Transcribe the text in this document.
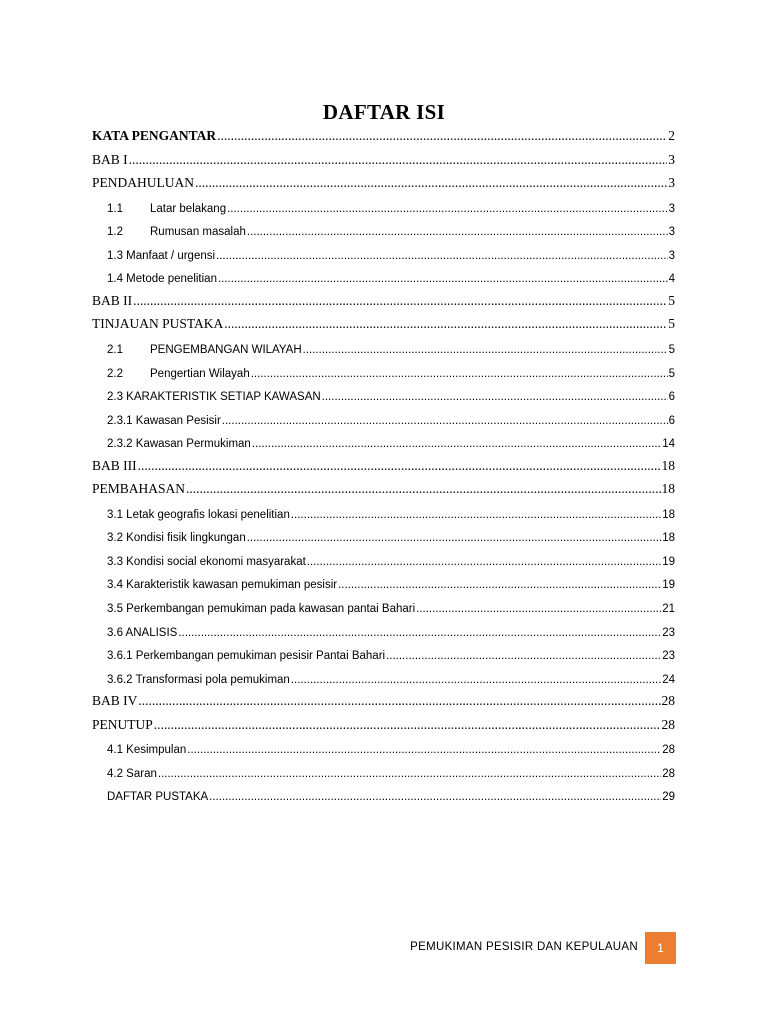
DAFTAR ISI
KATA PENGANTAR .....	2
BAB I .....	3
PENDAHULUAN .....	3
1.1 Latar belakang .....	3
1.2 Rumusan masalah .....	3
1.3 Manfaat / urgensi .....	3
1.4 Metode penelitian .....	4
BAB II .....	5
TINJAUAN PUSTAKA .....	5
2.1 PENGEMBANGAN WILAYAH .....	5
2.2 Pengertian Wilayah .....	5
2.3 KARAKTERISTIK SETIAP KAWASAN .....	6
2.3.1 Kawasan Pesisir .....	6
2.3.2 Kawasan Permukiman .....	14
BAB III .....	18
PEMBAHASAN .....	18
3.1 Letak geografis lokasi penelitian .....	18
3.2 Kondisi fisik lingkungan .....	18
3.3 Kondisi social ekonomi masyarakat .....	19
3.4 Karakteristik kawasan pemukiman pesisir .....	19
3.5 Perkembangan pemukiman pada kawasan pantai Bahari .....	21
3.6 ANALISIS .....	23
3.6.1 Perkembangan pemukiman pesisir Pantai Bahari .....	23
3.6.2 Transformasi pola pemukiman .....	24
BAB IV .....	28
PENUTUP .....	28
4.1 Kesimpulan .....	28
4.2 Saran .....	28
DAFTAR PUSTAKA .....	29
PEMUKIMAN PESISIR DAN KEPULAUAN	1
